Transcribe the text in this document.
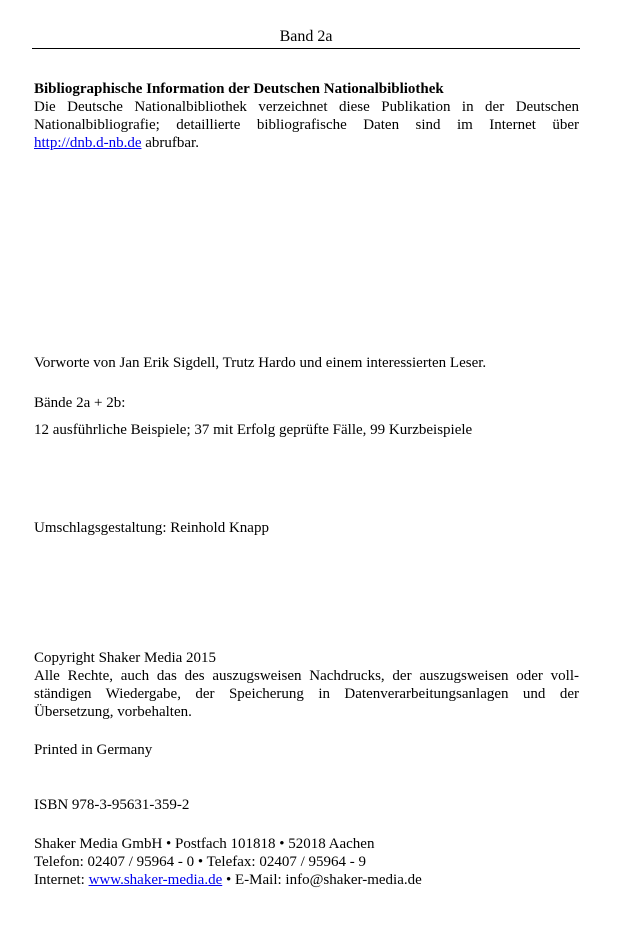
Band 2a
Bibliographische Information der Deutschen Nationalbibliothek
Die Deutsche Nationalbibliothek verzeichnet diese Publikation in der Deutschen
Nationalbibliografie; detaillierte bibliografische Daten sind im Internet über
http://dnb.d-nb.de abrufbar.
Vorworte von Jan Erik Sigdell, Trutz Hardo und einem interessierten Leser.
Bände 2a + 2b:
12 ausführliche Beispiele; 37 mit Erfolg geprüfte Fälle, 99 Kurzbeispiele
Umschlagsgestaltung: Reinhold Knapp
Copyright Shaker Media 2015
Alle Rechte, auch das des auszugsweisen Nachdrucks, der auszugsweisen oder voll-
ständigen Wiedergabe, der Speicherung in Datenverarbeitungsanlagen und der
Übersetzung, vorbehalten.
Printed in Germany
ISBN 978-3-95631-359-2
Shaker Media GmbH • Postfach 101818 • 52018 Aachen
Telefon: 02407 / 95964 - 0 • Telefax: 02407 / 95964 - 9
Internet: www.shaker-media.de • E-Mail: info@shaker-media.de
